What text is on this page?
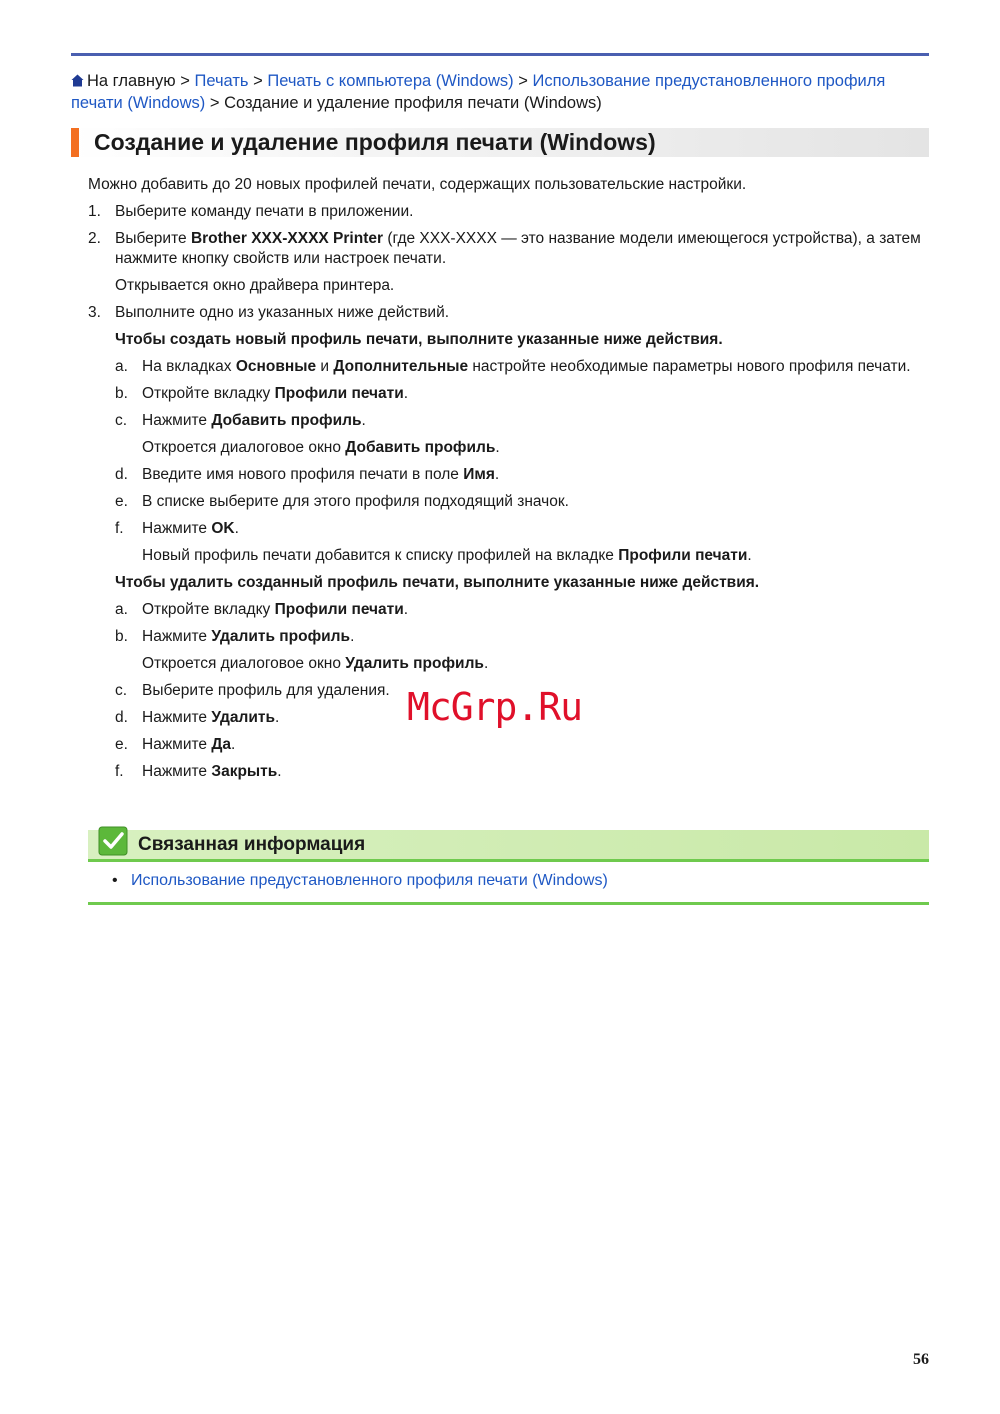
На главную > Печать > Печать с компьютера (Windows) > Использование предустановленного профиля печати (Windows) > Создание и удаление профиля печати (Windows)
Создание и удаление профиля печати (Windows)

Можно добавить до 20 новых профилей печати, содержащих пользовательские настройки.

1. Выберите команду печати в приложении.
2. Выберите Brother XXX-XXXX Printer (где XXX-XXXX — это название модели имеющегося устройства), а затем нажмите кнопку свойств или настроек печати.
Открывается окно драйвера принтера.
3. Выполните одно из указанных ниже действий.
Чтобы создать новый профиль печати, выполните указанные ниже действия.
a. На вкладках Основные и Дополнительные настройте необходимые параметры нового профиля печати.
b. Откройте вкладку Профили печати.
c. Нажмите Добавить профиль.
Откроется диалоговое окно Добавить профиль.
d. Введите имя нового профиля печати в поле Имя.
e. В списке выберите для этого профиля подходящий значок.
f. Нажмите OK.
Новый профиль печати добавится к списку профилей на вкладке Профили печати.
Чтобы удалить созданный профиль печати, выполните указанные ниже действия.
a. Откройте вкладку Профили печати.
b. Нажмите Удалить профиль.
Откроется диалоговое окно Удалить профиль.
c. Выберите профиль для удаления.
d. Нажмите Удалить.
e. Нажмите Да.
f. Нажмите Закрыть.
McGrp.Ru
Связанная информация
• Использование предустановленного профиля печати (Windows)
56
